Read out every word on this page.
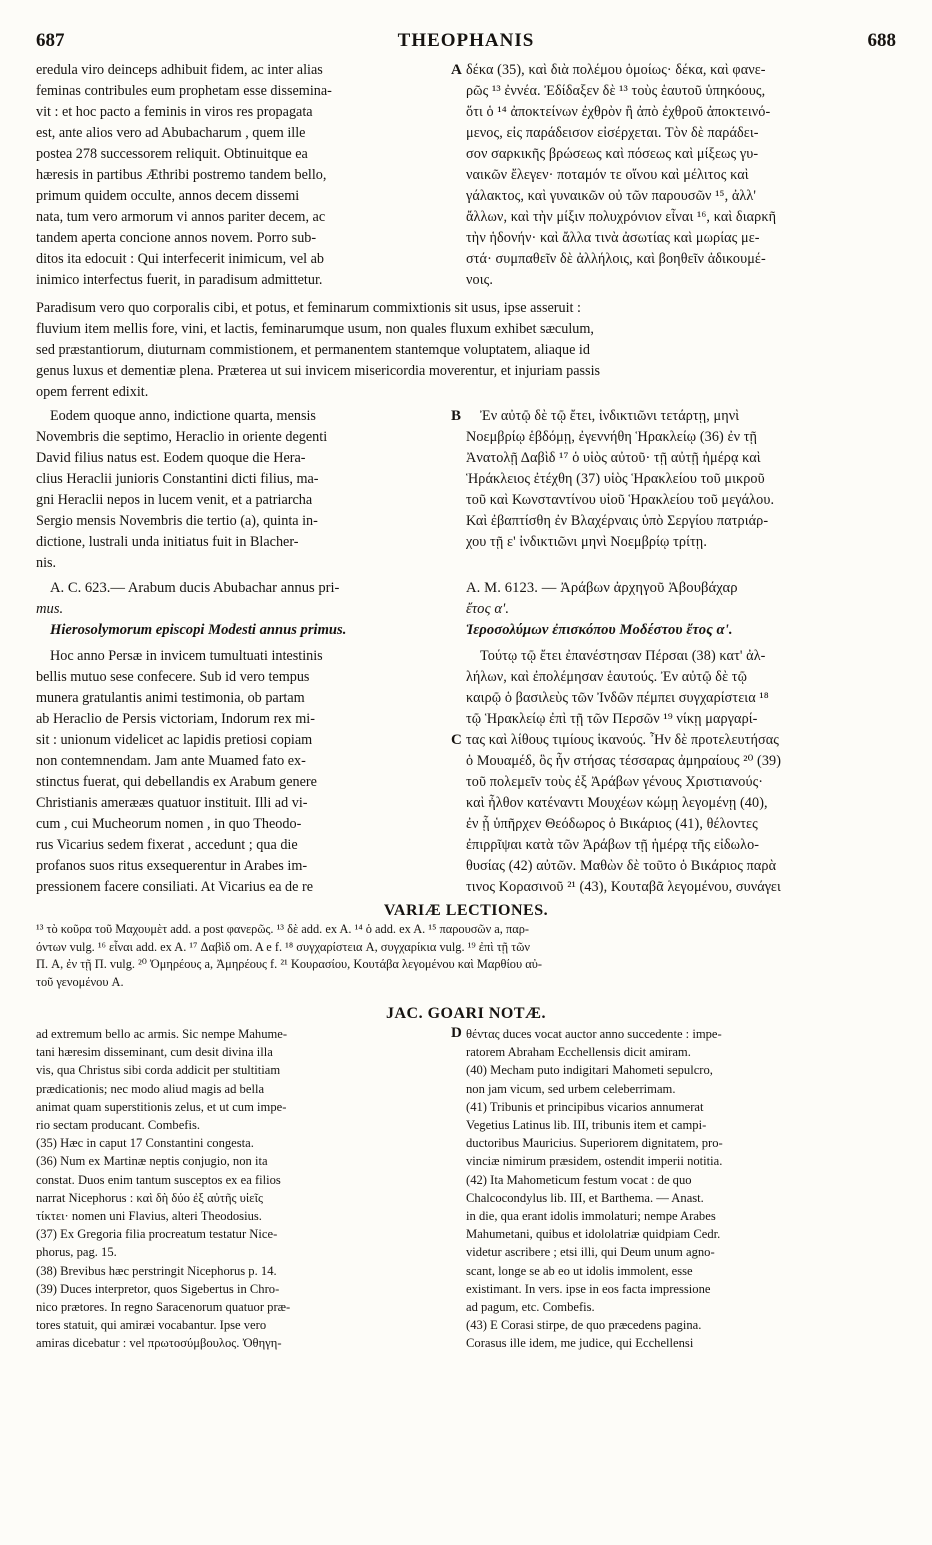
687	THEOPHANIS	688
eredula viro deinceps adhibuit fidem, ac inter alias
feminas contribules eum prophetam esse dissemina-
vit : et hoc pacto a feminis in viros res propagata
est, ante alios vero ad Abubacharum , quem ille
postea 278 successorem reliquit. Obtinuitque ea
hæresis in partibus Æthribi postremo tandem bello,
primum quidem occulte, annos decem dissemi
nata, tum vero armorum vi annos pariter decem, ac
tandem aperta concione annos novem. Porro sub-
ditos ita edocuit : Qui interfecerit inimicum, vel ab
inimico interfectus fuerit, in paradisum admittetur.
A δέκα (35), καὶ διὰ πολέμου ὁμοίως· δέκα, καὶ φανε-
ρῶς ¹³ ἐννέα. Ἐδίδαξεν δὲ ¹³ τοὺς ἑαυτοῦ ὑπηκόους,
ὅτι ὁ ¹⁴ ἀποκτείνων ἐχθρὸν ἢ ἀπὸ ἐχθροῦ ἀποκτεινό-
μενος, εἰς παράδεισον εἰσέρχεται. Τὸν δὲ παράδει-
σον σαρκικῆς βρώσεως καὶ πόσεως καὶ μίξεως γυ-
ναικῶν ἔλεγεν· ποταμόν τε οἴνου καὶ μέλιτος καὶ
γάλακτος, καὶ γυναικῶν οὐ τῶν παρουσῶν ¹⁵, ἀλλ'
ἄλλων, καὶ τὴν μίξιν πολυχρόνιον εἶναι ¹⁶, καὶ διαρκῆ
τὴν ἡδονήν· καὶ ἄλλα τινὰ ἀσωτίας καὶ μωρίας με-
στά· συμπαθεῖν δὲ ἀλλήλοις, καὶ βοηθεῖν ἀδικουμέ-
νοις.
Paradisum vero quo corporalis cibi, et potus, et feminarum commixtionis sit usus, ipse asseruit :
fluvium item mellis fore, vini, et lactis, feminarumque usum, non quales fluxum exhibet sæculum,
sed præstantiorum, diuturnam commistionem, et permanentem stantemque voluptatem, aliaque id
genus luxus et dementiæ plena. Præterea ut sui invicem misericordia moverentur, et injuriam passis
opem ferrent edixit.
Eodem quoque anno, indictione quarta, mensis
Novembris die septimo, Heraclio in oriente degenti
David filius natus est. Eodem quoque die Hera-
clius Heraclii junioris Constantini dicti filius, ma-
gni Heraclii nepos in lucem venit, et a patriarcha
Sergio mensis Novembris die tertio (a), quinta in-
dictione, lustrali unda initiatus fuit in Blacher-
nis.
B	Ἐν αὐτῷ δὲ τῷ ἔτει, ἰνδικτιῶνι τετάρτῃ, μηνὶ
Νοεμβρίῳ ἑβδόμῃ, ἐγεννήθη Ἡρακλείῳ (36) ἐν τῇ
Ἀνατολῇ Δαβὶδ ¹⁷ ὁ υἱὸς αὐτοῦ· τῇ αὐτῇ ἡμέρᾳ καὶ
Ἡράκλειος ἐτέχθη (37) υἱὸς Ἡρακλείου τοῦ μικροῦ
τοῦ καὶ Κωνσταντίνου υἱοῦ Ἡρακλείου τοῦ μεγάλου.
Καὶ ἐβαπτίσθη ἐν Βλαχέρναις ὑπὸ Σεργίου πατριάρ-
χου τῇ ε' ἰνδικτιῶνι μηνὶ Νοεμβρίῳ τρίτῃ.

A. C. 623.— Arabum ducis Abubachar annus pri-

mus.

Hierosolymorum episcopi Modesti annus primus.

A. M. 6123. — Ἀράβων ἀρχηγοῦ Ἀβουβάχαρ

ἔτος α'.

Ἱεροσολύμων ἐπισκόπου Μοδέστου ἔτος α'.

Hoc anno Persæ in invicem tumultuati intestinis
bellis mutuo sese confecere. Sub id vero tempus
munera gratulantis animi testimonia, ob partam
ab Heraclio de Persis victoriam, Indorum rex mi-
sit : unionum videlicet ac lapidis pretiosi copiam
non contemnendam. Jam ante Muamed fato ex-
stinctus fuerat, qui debellandis ex Arabum genere
Christianis amerææs quatuor instituit. Illi ad vi-
cum , cui Mucheorum nomen , in quo Theodo-
rus Vicarius sedem fixerat , accedunt ; qua die
profanos suos ritus exsequerentur in Arabes im-
pressionem facere consiliati. At Vicarius ea de re
C
Τούτῳ τῷ ἔτει ἐπανέστησαν Πέρσαι (38) κατ' ἀλ-
λήλων, καὶ ἐπολέμησαν ἑαυτούς. Ἐν αὐτῷ δὲ τῷ
καιρῷ ὁ βασιλεὺς τῶν Ἰνδῶν πέμπει συγχαρίστεια ¹⁸
τῷ Ἡρακλείῳ ἐπὶ τῇ τῶν Περσῶν ¹⁹ νίκῃ μαργαρί-
τας καὶ λίθους τιμίους ἱκανούς. Ἦν δὲ προτελευτήσας
ὁ Μουαμέδ, ὃς ἦν στήσας τέσσαρας ἀμηραίους ²⁰ (39)
τοῦ πολεμεῖν τοὺς ἐξ Ἀράβων γένους Χριστιανούς·
καὶ ἦλθον κατέναντι Μουχέων κώμῃ λεγομένῃ (40),
ἐν ᾗ ὑπῆρχεν Θεόδωρος ὁ Βικάριος (41), θέλοντες
ἐπιρρῖψαι κατὰ τῶν Ἀράβων τῇ ἡμέρᾳ τῆς εἰδωλο-
θυσίας (42) αὐτῶν. Μαθὼν δὲ τοῦτο ὁ Βικάριος παρὰ
τινος Κορασινοῦ ²¹ (43), Κουταβᾶ λεγομένου, συνάγει
VARIÆ LECTIONES.
¹³ τὸ κοῦρα τοῦ Μαχουμὲτ add. a post φανερῶς. ¹³ δὲ add. ex A. ¹⁴ ὁ add. ex A. ¹⁵ παρουσῶν a, παρ-
όντων vulg. ¹⁶ εἶναι add. ex A. ¹⁷ Δαβὶδ om. A e f. ¹⁸ συγχαρίστεια A, συγχαρίκια vulg. ¹⁹ ἐπὶ τῇ τῶν
Π. A, ἐν τῇ Π. vulg. ²⁰ Ὀμηρέους a, Ἀμηρέους f. ²¹ Κουρασίου, Κουτάβα λεγομένου καὶ Μαρθίου αὐ-
τοῦ γενομένου A.
JAC. GOARI NOTÆ.
ad extremum bello ac armis. Sic nempe Mahume-
tani hæresim disseminant, cum desit divina illa
vis, qua Christus sibi corda addicit per stultitiam
prædicationis; nec modo aliud magis ad bella
animat quam superstitionis zelus, et ut cum impe-
rio sectam producant. Combefis.
(35) Hæc in caput 17 Constantini congesta.
(36) Num ex Martinæ neptis conjugio, non ita
constat. Duos enim tantum susceptos ex ea filios
narrat Nicephorus : καὶ δὴ δύο ἐξ αὐτῆς υἱεῖς
τίκτει· nomen uni Flavius, alteri Theodosius.
(37) Ex Gregoria filia procreatum testatur Nice-
phorus, pag. 15.
(38) Brevibus hæc perstringit Nicephorus p. 14.
(39) Duces interpretor, quos Sigebertus in Chro-
nico prætores. In regno Saracenorum quatuor præ-
tores statuit, qui amiræi vocabantur. Ipse vero
amiras dicebatur : vel πρωτοσύμβουλος. Ὀθηγη-
D θέντας duces vocat auctor anno succedente : impe-
ratorem Abraham Ecchellensis dicit amiram.
(40) Mecham puto indigitari Mahometi sepulcro,
non jam vicum, sed urbem celeberrimam.
(41) Tribunis et principibus vicarios annumerat
Vegetius Latinus lib. III, tribunis item et campi-
ductoribus Mauricius. Superiorem dignitatem, pro-
vinciæ nimirum præsidem, ostendit imperii notitia.
(42) Ita Mahometicum festum vocat : de quo
Chalcocondylus lib. III, et Barthema. — Anast.
in die, qua erant idolis immolaturi; nempe Arabes
Mahumetani, quibus et idololatriæ quidpiam Cedr.
videtur ascribere ; etsi illi, qui Deum unum agno-
scant, longe se ab eo ut idolis immolent, esse
existimant. In vers. ipse in eos facta impressione
ad pagum, etc. Combefis.
(43) E Corasi stirpe, de quo præcedens pagina.
Corasus ille idem, me judice, qui Ecchellensi
